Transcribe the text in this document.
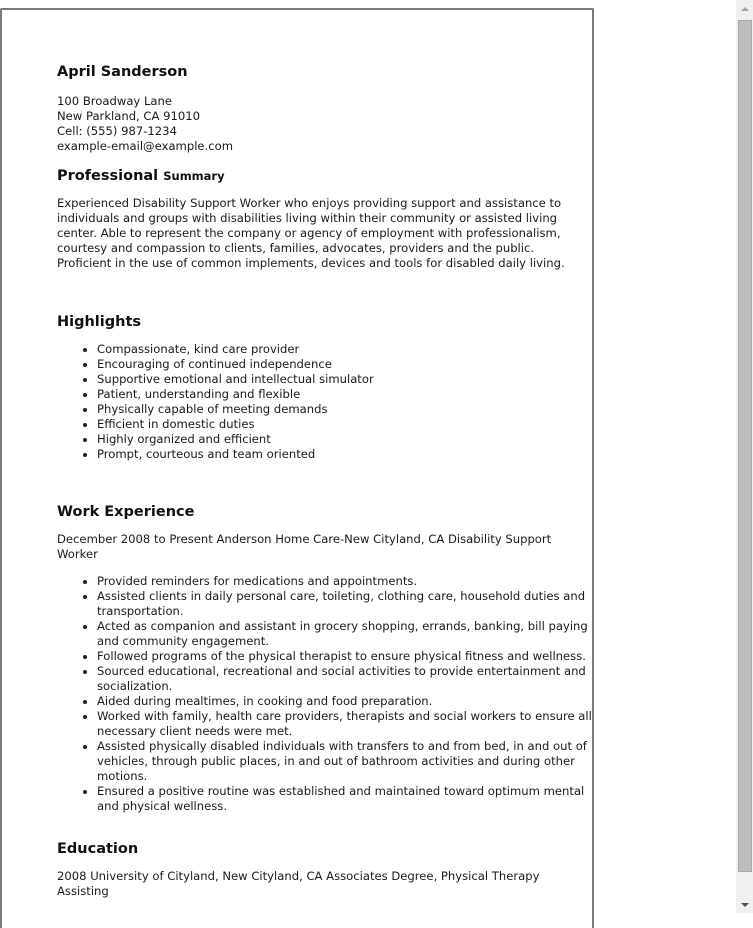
April Sanderson
100 Broadway Lane
New Parkland, CA 91010
Cell: (555) 987-1234
example-email@example.com
Professional Summary

Experienced Disability Support Worker who enjoys providing support and assistance to individuals and groups with disabilities living within their community or assisted living center. Able to represent the company or agency of employment with professionalism, courtesy and compassion to clients, families, advocates, providers and the public. Proficient in the use of common implements, devices and tools for disabled daily living.

Highlights
Compassionate, kind care provider
Encouraging of continued independence
Supportive emotional and intellectual simulator
Patient, understanding and flexible
Physically capable of meeting demands
Efficient in domestic duties
Highly organized and efficient
Prompt, courteous and team oriented
Work Experience

December 2008 to Present Anderson Home Care-New Cityland, CA Disability Support Worker

Provided reminders for medications and appointments.
Assisted clients in daily personal care, toileting, clothing care, household duties and transportation.
Acted as companion and assistant in grocery shopping, errands, banking, bill paying and community engagement.
Followed programs of the physical therapist to ensure physical fitness and wellness.
Sourced educational, recreational and social activities to provide entertainment and socialization.
Aided during mealtimes, in cooking and food preparation.
Worked with family, health care providers, therapists and social workers to ensure all necessary client needs were met.
Assisted physically disabled individuals with transfers to and from bed, in and out of vehicles, through public places, in and out of bathroom activities and during other motions.
Ensured a positive routine was established and maintained toward optimum mental and physical wellness.
Education

2008 University of Cityland, New Cityland, CA Associates Degree, Physical Therapy Assisting
